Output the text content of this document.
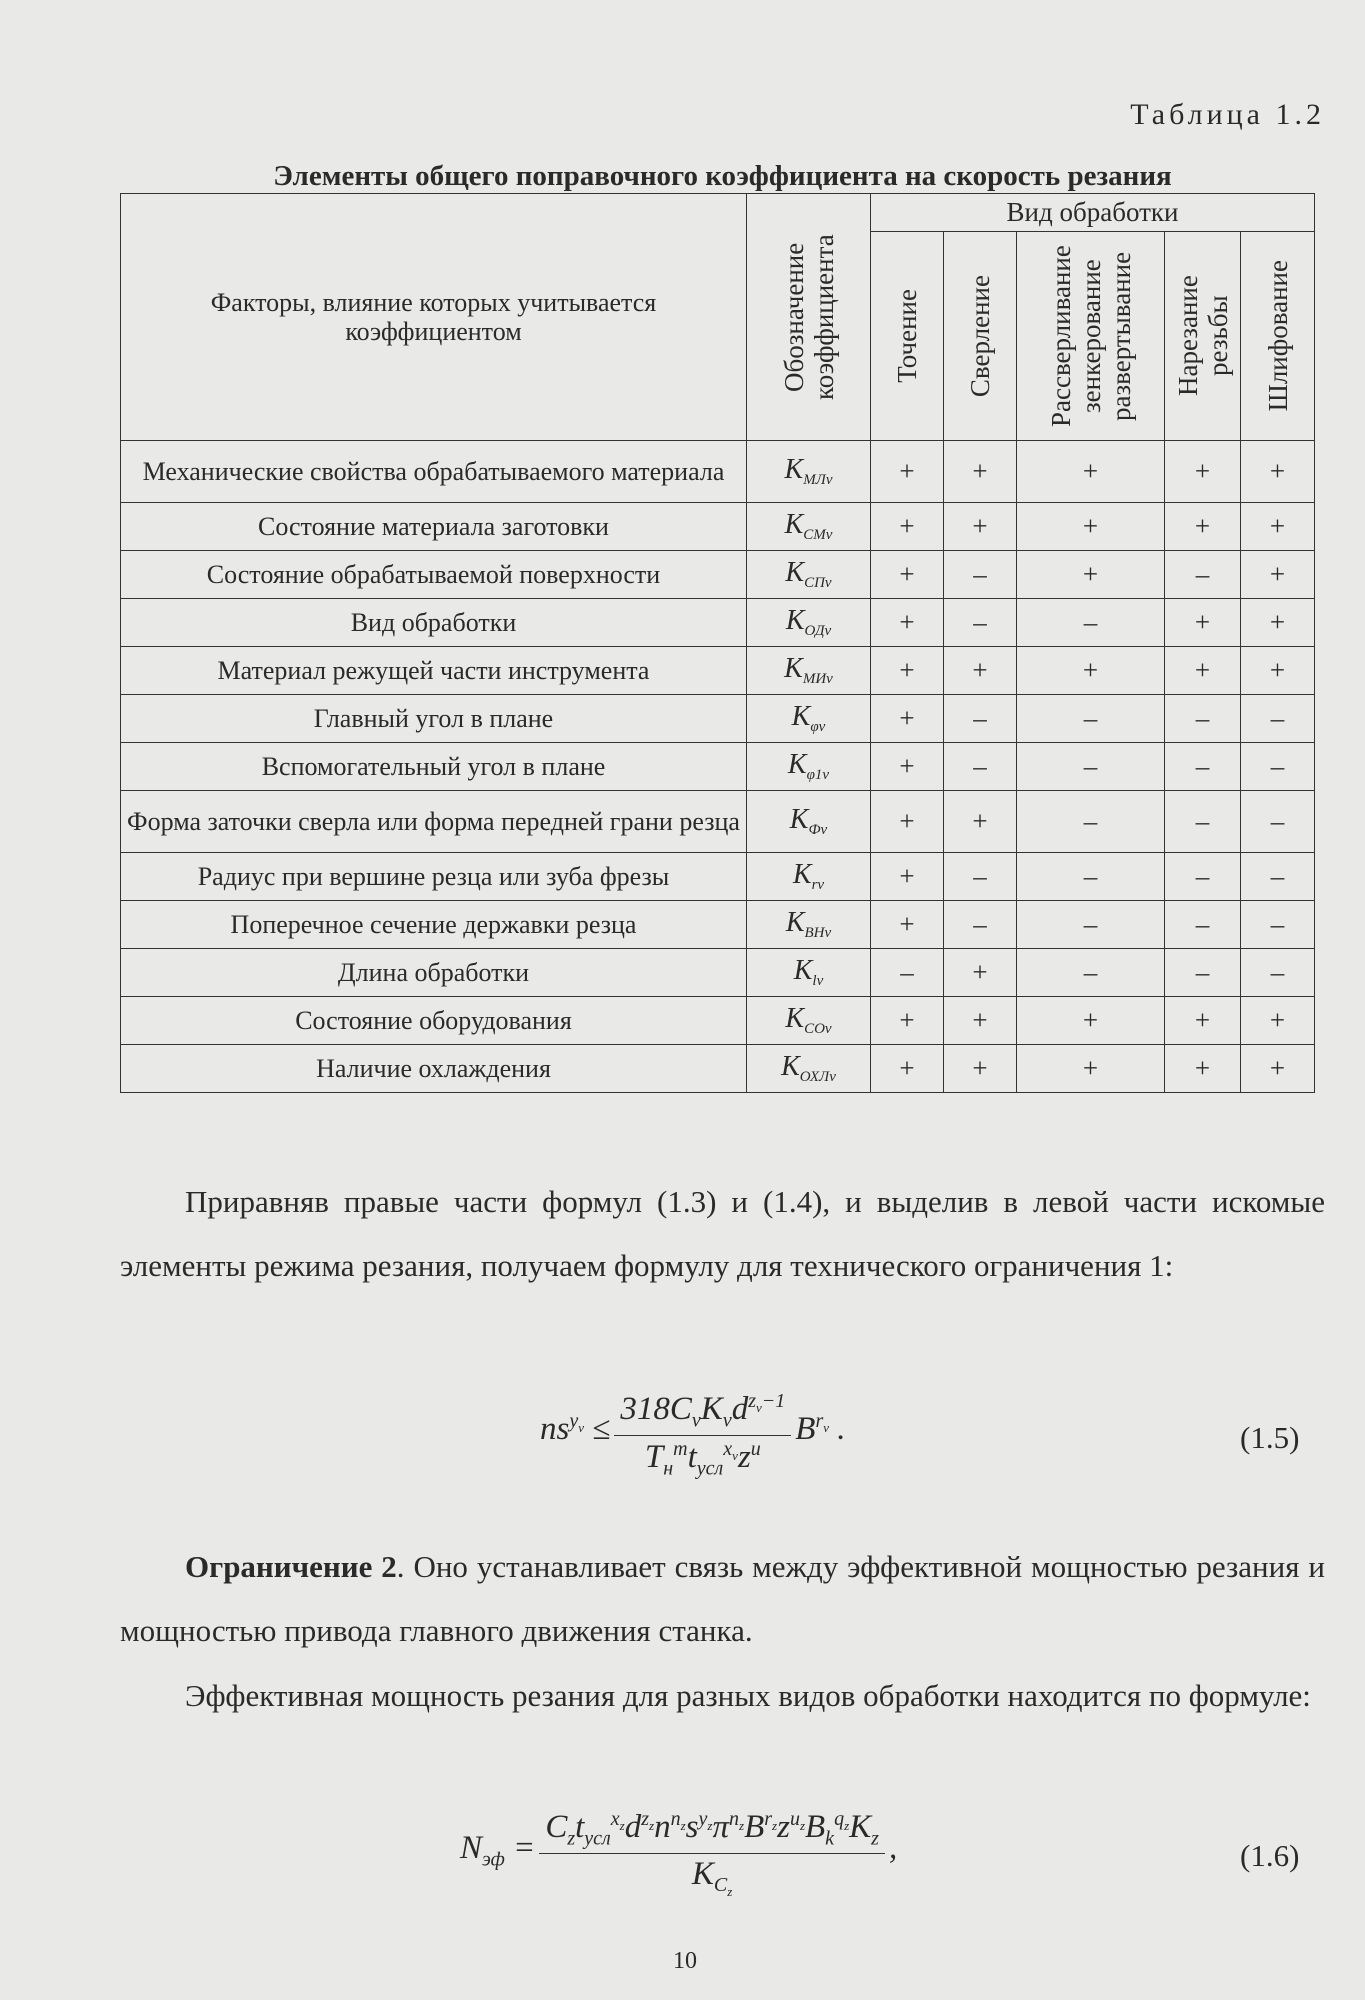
Таблица 1.2
Элементы общего поправочного коэффициента на скорость резания
Факторы, влияние которых учитывается коэффициентом	Обозначение коэффициента	Вид обработки				

		Точение	Сверление	Рассверливание зенкерование развертывание	Нарезание резьбы	Шлифование

Механические свойства обрабатываемого материала	$K_{МЛv}$	+	+	+	+	+
Состояние материала заготовки	$K_{СМv}$	+	+	+	+	+
Состояние обрабатываемой поверхности	$K_{СПv}$	+	–	+	–	+
Вид обработки	$K_{ОДv}$	+	–	–	+	+
Материал режущей части инструмента	$K_{МИv}$	+	+	+	+	+
Главный угол в плане	$K_{\varphi v}$	+	–	–	–	–
Вспомогательный угол в плане	$K_{\varphi 1v}$	+	–	–	–	–
Форма заточки сверла или форма передней грани резца	$K_{Фv}$	+	+	–	–	–
Радиус при вершине резца или зуба фрезы	$K_{rv}$	+	–	–	–	–
Поперечное сечение державки резца	$K_{ВНv}$	+	–	–	–	–
Длина обработки	$K_{lv}$	–	+	–	–	–
Состояние оборудования	$K_{СОv}$	+	+	+	+	+
Наличие охлаждения	$K_{ОХЛv}$	+	+	+	+	+
Приравняв правые части формул (1.3) и (1.4), и выделив в левой части искомые элементы режима резания, получаем формулу для технического ограничения 1:
$ns^{y_v} \le \frac{318C_vK_vd^{z_v-1}}{T_н^mt_{усл}^{x_v}z^u} B^{r_v}$ .	(1.5)
Ограничение 2. Оно устанавливает связь между эффективной мощностью резания и мощностью привода главного движения станка.
Эффективная мощность резания для разных видов обработки находится по формуле:
$N_{эф} = \frac{C_zt_{усл}^{x_z}d^{z_z}n^{n_z}s^{y_z}\pi^{n_z}B^{r_z}z^{u_z}B_k^{q_z}K_z}{K_{C_z}}$ ,	(1.6)
10
